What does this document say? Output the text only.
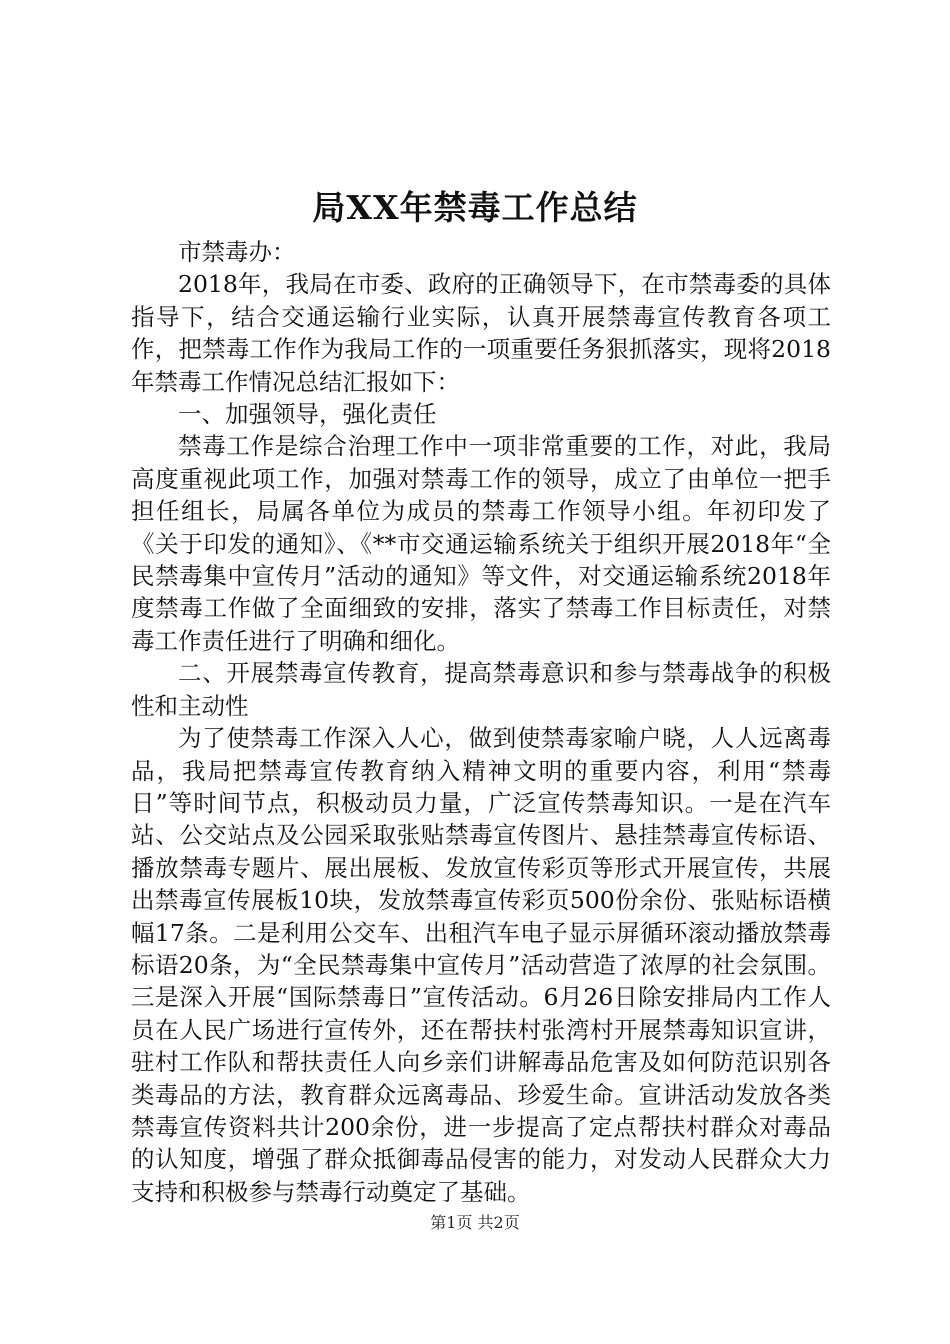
局XX年禁毒工作总结

市禁毒办：

2018年，我局在市委、政府的正确领导下，在市禁毒委的具体指导下，结合交通运输行业实际，认真开展禁毒宣传教育各项工作，把禁毒工作作为我局工作的一项重要任务狠抓落实，现将2018年禁毒工作情况总结汇报如下：

一、加强领导，强化责任

禁毒工作是综合治理工作中一项非常重要的工作，对此，我局高度重视此项工作，加强对禁毒工作的领导，成立了由单位一把手担任组长，局属各单位为成员的禁毒工作领导小组。年初印发了《关于印发的通知》、《**市交通运输系统关于组织开展2018年“全民禁毒集中宣传月”活动的通知》等文件，对交通运输系统2018年度禁毒工作做了全面细致的安排，落实了禁毒工作目标责任，对禁毒工作责任进行了明确和细化。

二、开展禁毒宣传教育，提高禁毒意识和参与禁毒战争的积极性和主动性

为了使禁毒工作深入人心，做到使禁毒家喻户晓，人人远离毒品，我局把禁毒宣传教育纳入精神文明的重要内容，利用“禁毒日”等时间节点，积极动员力量，广泛宣传禁毒知识。一是在汽车站、公交站点及公园采取张贴禁毒宣传图片、悬挂禁毒宣传标语、播放禁毒专题片、展出展板、发放宣传彩页等形式开展宣传，共展出禁毒宣传展板10块，发放禁毒宣传彩页500份余份、张贴标语横幅17条。二是利用公交车、出租汽车电子显示屏循环滚动播放禁毒标语20条，为“全民禁毒集中宣传月”活动营造了浓厚的社会氛围。三是深入开展“国际禁毒日”宣传活动。6月26日除安排局内工作人员在人民广场进行宣传外，还在帮扶村张湾村开展禁毒知识宣讲，驻村工作队和帮扶责任人向乡亲们讲解毒品危害及如何防范识别各类毒品的方法，教育群众远离毒品、珍爱生命。宣讲活动发放各类禁毒宣传资料共计200余份，进一步提高了定点帮扶村群众对毒品的认知度，增强了群众抵御毒品侵害的能力，对发动人民群众大力支持和积极参与禁毒行动奠定了基础。

第1页 共2页
